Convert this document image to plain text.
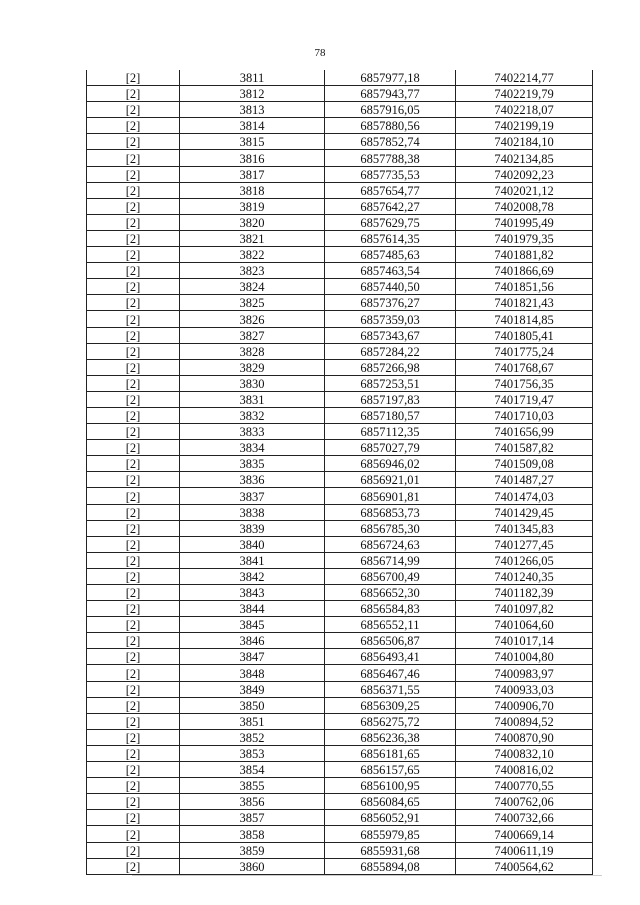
78
[2]	3811	6857977,18	7402214,77
[2]	3812	6857943,77	7402219,79
[2]	3813	6857916,05	7402218,07
[2]	3814	6857880,56	7402199,19
[2]	3815	6857852,74	7402184,10
[2]	3816	6857788,38	7402134,85
[2]	3817	6857735,53	7402092,23
[2]	3818	6857654,77	7402021,12
[2]	3819	6857642,27	7402008,78
[2]	3820	6857629,75	7401995,49
[2]	3821	6857614,35	7401979,35
[2]	3822	6857485,63	7401881,82
[2]	3823	6857463,54	7401866,69
[2]	3824	6857440,50	7401851,56
[2]	3825	6857376,27	7401821,43
[2]	3826	6857359,03	7401814,85
[2]	3827	6857343,67	7401805,41
[2]	3828	6857284,22	7401775,24
[2]	3829	6857266,98	7401768,67
[2]	3830	6857253,51	7401756,35
[2]	3831	6857197,83	7401719,47
[2]	3832	6857180,57	7401710,03
[2]	3833	6857112,35	7401656,99
[2]	3834	6857027,79	7401587,82
[2]	3835	6856946,02	7401509,08
[2]	3836	6856921,01	7401487,27
[2]	3837	6856901,81	7401474,03
[2]	3838	6856853,73	7401429,45
[2]	3839	6856785,30	7401345,83
[2]	3840	6856724,63	7401277,45
[2]	3841	6856714,99	7401266,05
[2]	3842	6856700,49	7401240,35
[2]	3843	6856652,30	7401182,39
[2]	3844	6856584,83	7401097,82
[2]	3845	6856552,11	7401064,60
[2]	3846	6856506,87	7401017,14
[2]	3847	6856493,41	7401004,80
[2]	3848	6856467,46	7400983,97
[2]	3849	6856371,55	7400933,03
[2]	3850	6856309,25	7400906,70
[2]	3851	6856275,72	7400894,52
[2]	3852	6856236,38	7400870,90
[2]	3853	6856181,65	7400832,10
[2]	3854	6856157,65	7400816,02
[2]	3855	6856100,95	7400770,55
[2]	3856	6856084,65	7400762,06
[2]	3857	6856052,91	7400732,66
[2]	3858	6855979,85	7400669,14
[2]	3859	6855931,68	7400611,19
[2]	3860	6855894,08	7400564,62
